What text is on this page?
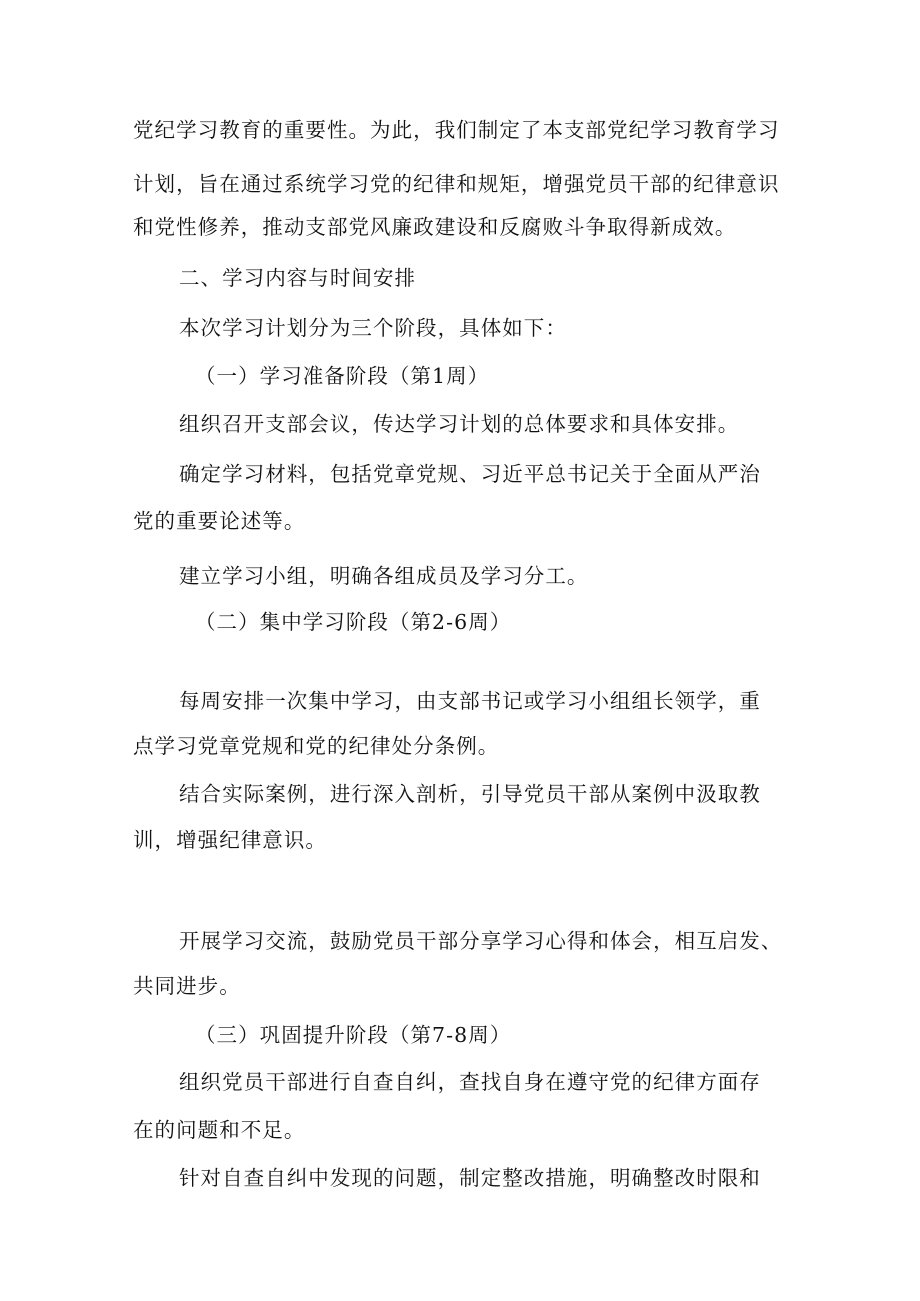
党纪学习教育的重要性。为此，我们制定了本支部党纪学习教育学习
计划，旨在通过系统学习党的纪律和规矩，增强党员干部的纪律意识
和党性修养，推动支部党风廉政建设和反腐败斗争取得新成效。
二、学习内容与时间安排
本次学习计划分为三个阶段，具体如下：
（一）学习准备阶段（第1周）
组织召开支部会议，传达学习计划的总体要求和具体安排。
确定学习材料，包括党章党规、习近平总书记关于全面从严治
党的重要论述等。
建立学习小组，明确各组成员及学习分工。
（二）集中学习阶段（第2-6周）
每周安排一次集中学习，由支部书记或学习小组组长领学，重
点学习党章党规和党的纪律处分条例。
结合实际案例，进行深入剖析，引导党员干部从案例中汲取教
训，增强纪律意识。
开展学习交流，鼓励党员干部分享学习心得和体会，相互启发、
共同进步。
（三）巩固提升阶段（第7-8周）
组织党员干部进行自查自纠，查找自身在遵守党的纪律方面存
在的问题和不足。
针对自查自纠中发现的问题，制定整改措施，明确整改时限和
